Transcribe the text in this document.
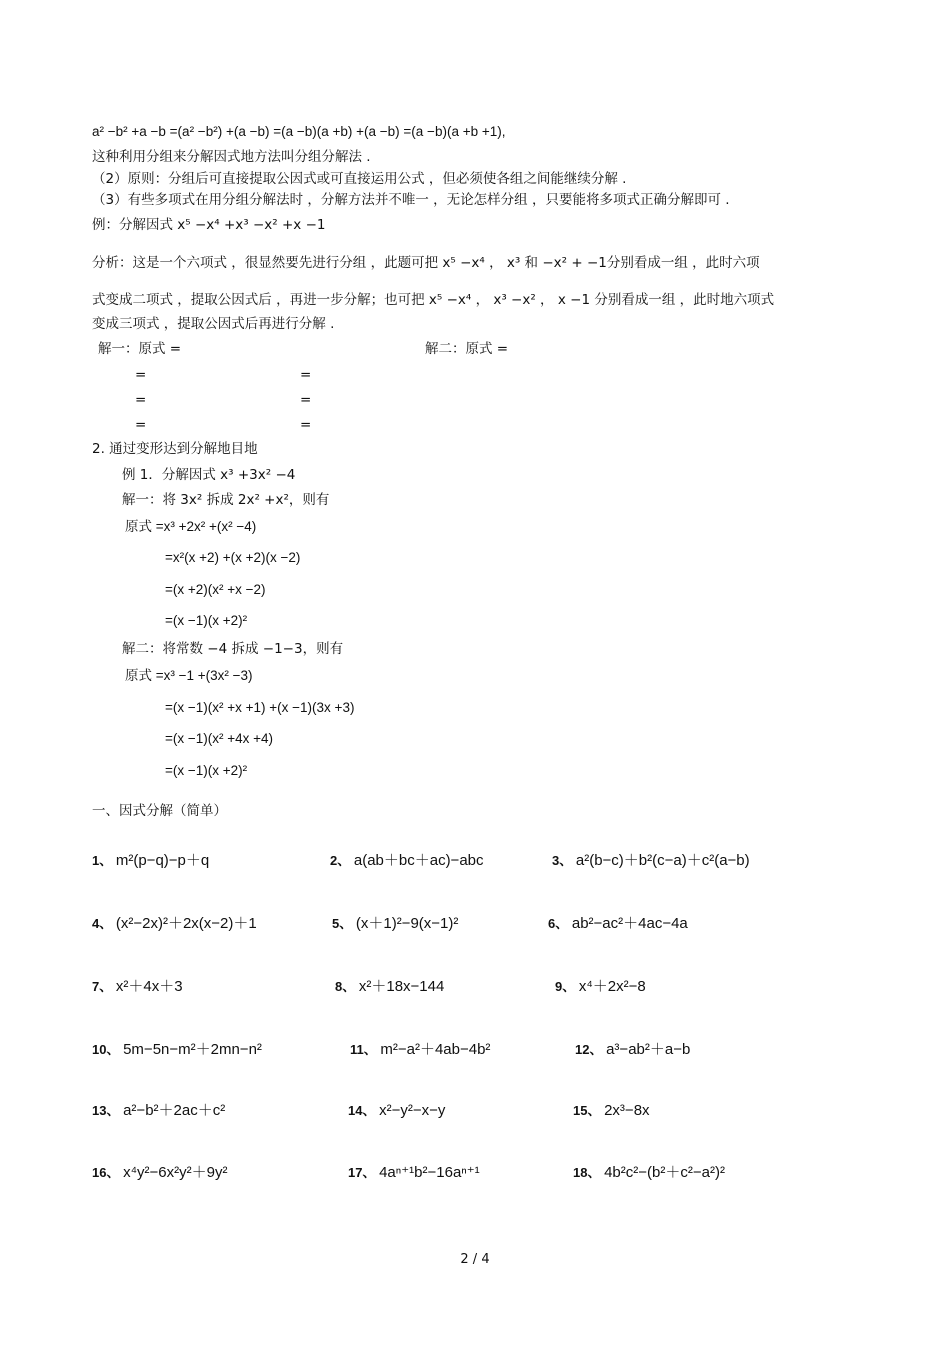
a² −b² +a −b =(a² −b²) +(a −b) =(a −b)(a +b) +(a −b) =(a −b)(a +b +1),
这种利用分组来分解因式地方法叫分组分解法 .
（2）原则：分组后可直接提取公因式或可直接运用公式 ，但必须使各组之间能继续分解 .
（3）有些多项式在用分组分解法时 ，分解方法并不唯一 ，无论怎样分组 ，只要能将多项式正确分解即可 .
例：分解因式 x⁵ −x⁴ +x³ −x² +x −1
分析：这是一个六项式 ，很显然要先进行分组 ，此题可把 x⁵ −x⁴ ， x³ 和 −x² + −1分别看成一组 ，此时六项
式变成二项式 ，提取公因式后 ，再进一步分解；也可把 x⁵ −x⁴ ， x³ −x² ， x −1 分别看成一组 ，此时地六项式
变成三项式 ，提取公因式后再进行分解 .
解一：原式 =	解二：原式 =
=	=
=	=
=	=
2. 通过变形达到分解地目地
例 1．分解因式 x³ +3x² −4
解一：将 3x² 拆成 2x² +x²，则有
原式 =x³ +2x² +(x² −4)
=x²(x +2) +(x +2)(x −2)
=(x +2)(x² +x −2)
=(x −1)(x +2)²
解二：将常数 −4 拆成 −1−3，则有
原式 =x³ −1 +(3x² −3)
=(x −1)(x² +x +1) +(x −1)(3x +3)
=(x −1)(x² +4x +4)
=(x −1)(x +2)²
一、因式分解（简单）
1、 m²(p−q)−p＋q	2、 a(ab＋bc＋ac)−abc	3、 a²(b−c)＋b²(c−a)＋c²(a−b)
4、 (x²−2x)²＋2x(x−2)＋1	5、 (x＋1)²−9(x−1)²	6、 ab²−ac²＋4ac−4a
7、 x²＋4x＋3	8、 x²＋18x−144	9、 x⁴＋2x²−8
10、 5m−5n−m²＋2mn−n²	11、 m²−a²＋4ab−4b²	12、 a³−ab²＋a−b
13、 a²−b²＋2ac＋c²	14、 x²−y²−x−y	15、 2x³−8x
16、 x⁴y²−6x²y²＋9y²	17、 4aⁿ⁺¹b²−16aⁿ⁺¹	18、 4b²c²−(b²＋c²−a²)²
2 / 4
